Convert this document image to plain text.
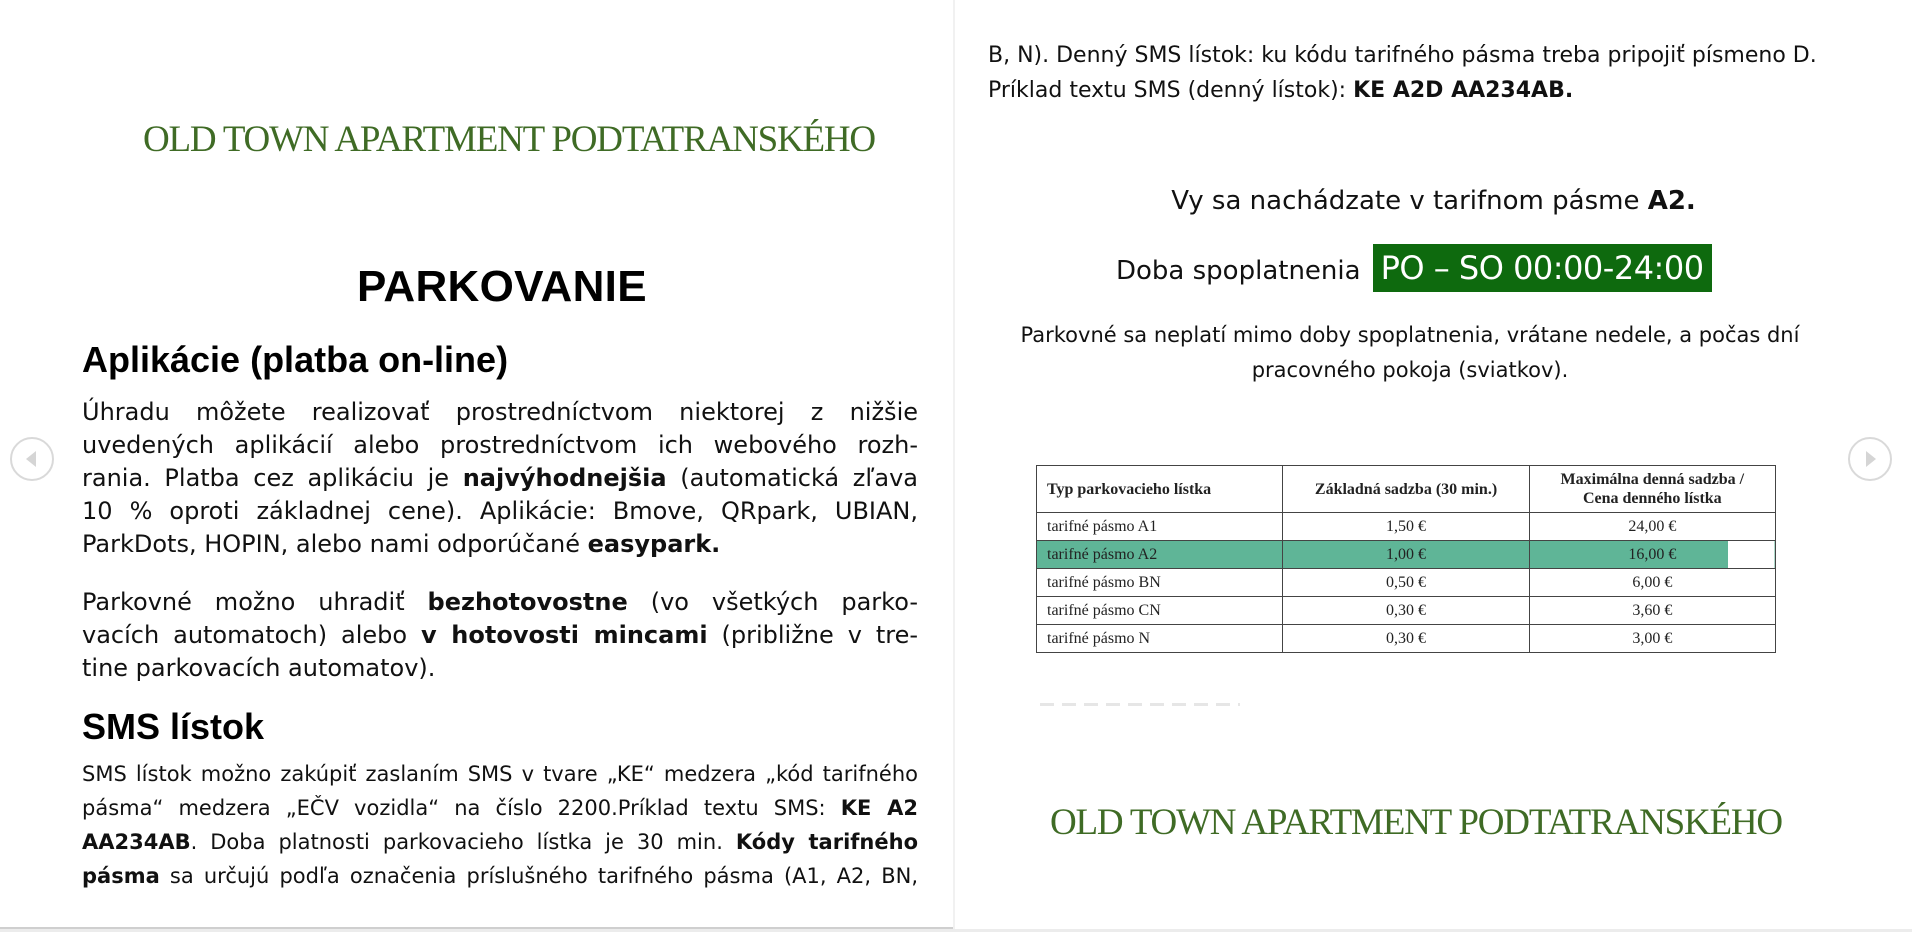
OLD TOWN APARTMENT PODTATRANSKÉHO
PARKOVANIE
Aplikácie (platba on-line)
Úhradu môžete realizovať prostredníctvom niektorej z nižšie
uvedených aplikácií alebo prostredníctvom ich webového rozh-
rania. Platba cez aplikáciu je najvýhodnejšia (automatická zľava
10 % oproti základnej cene). Aplikácie: Bmove, QRpark, UBIAN,
ParkDots, HOPIN, alebo nami odporúčané easypark.
Parkovné možno uhradiť bezhotovostne (vo všetkých parko-
vacích automatoch) alebo v hotovosti mincami (približne v tre-
tine parkovacích automatov).
SMS lístok
SMS lístok možno zakúpiť zaslaním SMS v tvare „KE“ medzera „kód tarifného
pásma“ medzera „EČV vozidla“ na číslo 2200.Príklad textu SMS: KE A2
AA234AB. Doba platnosti parkovacieho lístka je 30 min. Kódy tarifného
pásma sa určujú podľa označenia príslušného tarifného pásma (A1, A2, BN,
B, N). Denný SMS lístok: ku kódu tarifného pásma treba pripojiť písmeno D.
Príklad textu SMS (denný lístok): KE A2D AA234AB.
Vy sa nachádzate v tarifnom pásme A2.
Doba spoplatnenia PO – SO 00:00-24:00
Parkovné sa neplatí mimo doby spoplatnenia, vrátane nedele, a počas dní
pracovného pokoja (sviatkov).
Typ parkovacieho lístka	Základná sadzba (30 min.)	Maximálna denná sadzba /
Cena denného lístka

tarifné pásmo A1	1,50 €	24,00 €
tarifné pásmo A2	1,00 €	16,00 €
tarifné pásmo BN	0,50 €	6,00 €
tarifné pásmo CN	0,30 €	3,60 €
tarifné pásmo N	0,30 €	3,00 €
OLD TOWN APARTMENT PODTATRANSKÉHO
